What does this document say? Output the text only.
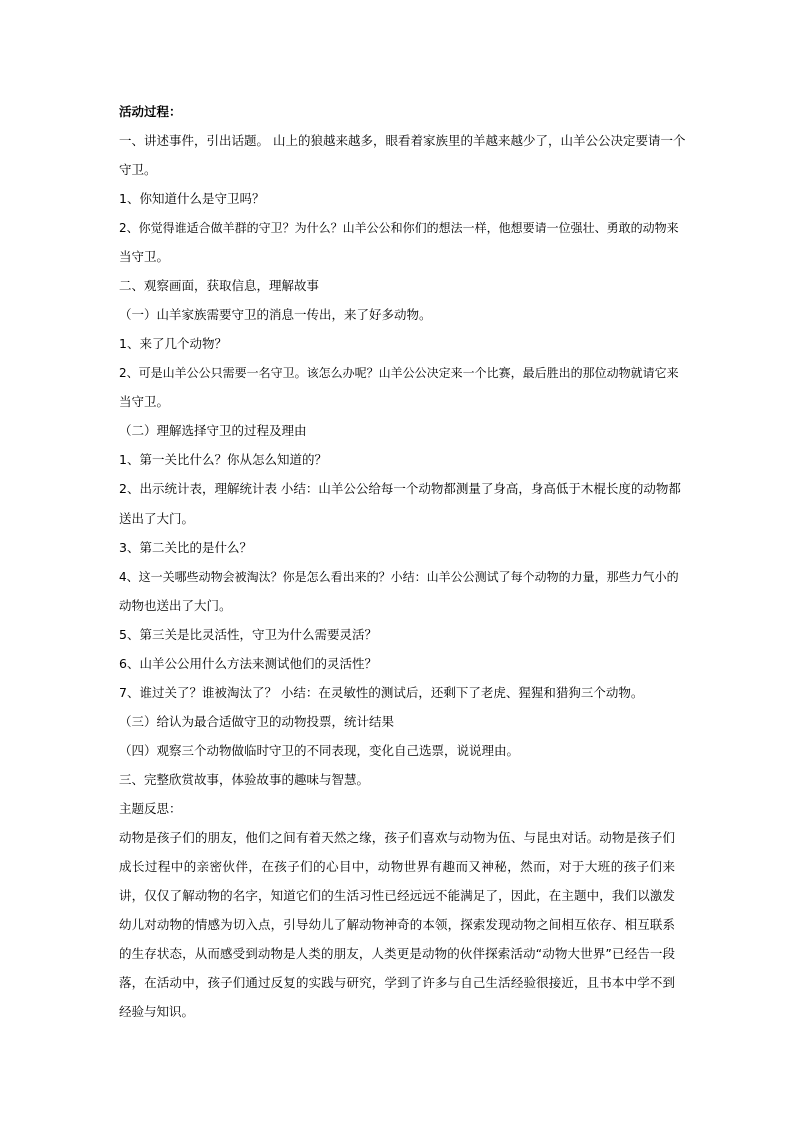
活动过程：
一、讲述事件，引出话题。 山上的狼越来越多，眼看着家族里的羊越来越少了，山羊公公决定要请一个
守卫。
1、你知道什么是守卫吗？
2、你觉得谁适合做羊群的守卫？为什么？山羊公公和你们的想法一样，他想要请一位强壮、勇敢的动物来
当守卫。
二、观察画面，获取信息，理解故事
（一）山羊家族需要守卫的消息一传出，来了好多动物。
1、来了几个动物？
2、可是山羊公公只需要一名守卫。该怎么办呢？山羊公公决定来一个比赛，最后胜出的那位动物就请它来
当守卫。
（二）理解选择守卫的过程及理由
1、第一关比什么？你从怎么知道的？
2、出示统计表，理解统计表 小结：山羊公公给每一个动物都测量了身高，身高低于木棍长度的动物都
送出了大门。
3、第二关比的是什么？
4、这一关哪些动物会被淘汰？你是怎么看出来的？小结：山羊公公测试了每个动物的力量，那些力气小的
动物也送出了大门。
5、第三关是比灵活性，守卫为什么需要灵活？
6、山羊公公用什么方法来测试他们的灵活性？
7、谁过关了？谁被淘汰了？ 小结：在灵敏性的测试后，还剩下了老虎、猩猩和猎狗三个动物。
（三）给认为最合适做守卫的动物投票，统计结果
（四）观察三个动物做临时守卫的不同表现，变化自己选票，说说理由。
三、完整欣赏故事，体验故事的趣味与智慧。
主题反思：
动物是孩子们的朋友，他们之间有着天然之缘，孩子们喜欢与动物为伍、与昆虫对话。动物是孩子们成长过程中的亲密伙伴，在孩子们的心目中，动物世界有趣而又神秘，然而，对于大班的孩子们来讲，仅仅了解动物的名字，知道它们的生活习性已经远远不能满足了，因此，在主题中，我们以激发幼儿对动物的情感为切入点，引导幼儿了解动物神奇的本领，探索发现动物之间相互依存、相互联系的生存状态，从而感受到动物是人类的朋友，人类更是动物的伙伴探索活动“动物大世界”已经告一段落，在活动中，孩子们通过反复的实践与研究，学到了许多与自己生活经验很接近，且书本中学不到经验与知识。
